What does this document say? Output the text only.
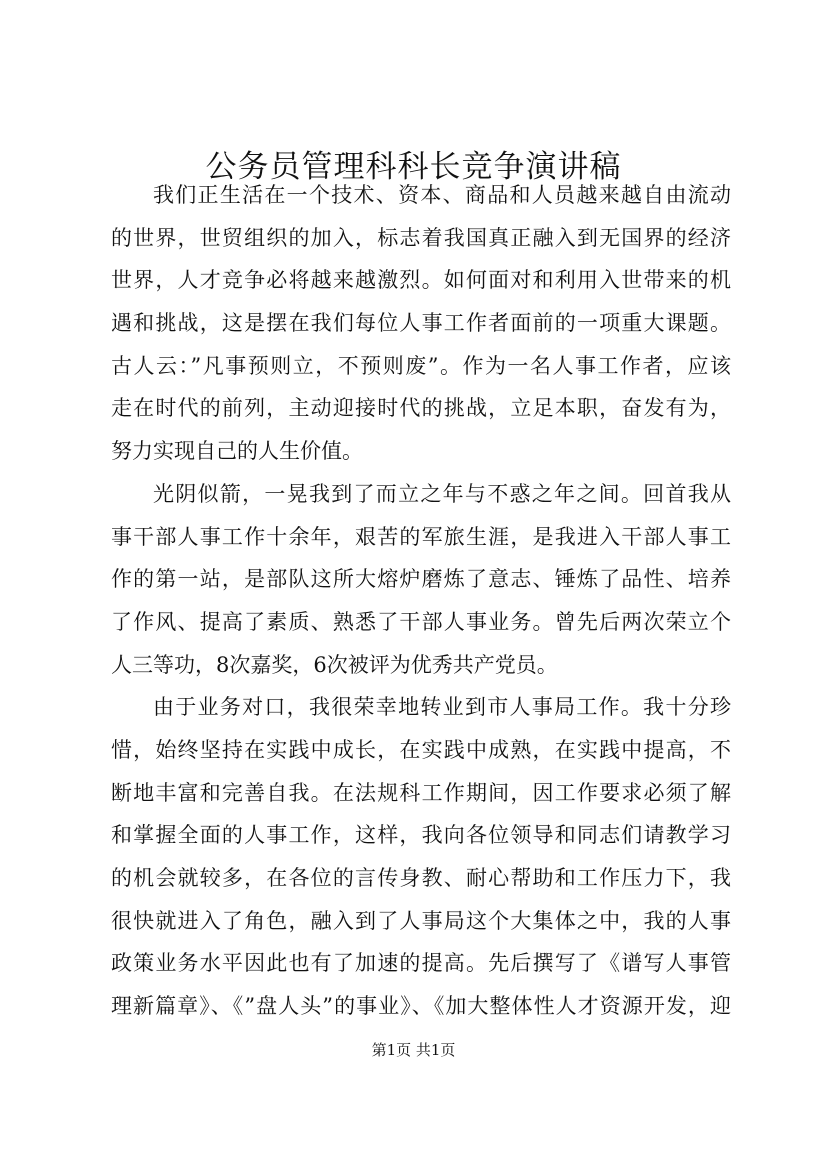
公务员管理科科长竞争演讲稿
我们正生活在一个技术、资本、商品和人员越来越自由流动
的世界，世贸组织的加入，标志着我国真正融入到无国界的经济
世界，人才竞争必将越来越激烈。如何面对和利用入世带来的机
遇和挑战，这是摆在我们每位人事工作者面前的一项重大课题。
古人云：”凡事预则立，不预则废”。作为一名人事工作者，应该
走在时代的前列，主动迎接时代的挑战，立足本职，奋发有为，
努力实现自己的人生价值。
光阴似箭，一晃我到了而立之年与不惑之年之间。回首我从
事干部人事工作十余年，艰苦的军旅生涯，是我进入干部人事工
作的第一站，是部队这所大熔炉磨炼了意志、锤炼了品性、培养
了作风、提高了素质、熟悉了干部人事业务。曾先后两次荣立个
人三等功，8次嘉奖，6次被评为优秀共产党员。
由于业务对口，我很荣幸地转业到市人事局工作。我十分珍
惜，始终坚持在实践中成长，在实践中成熟，在实践中提高，不
断地丰富和完善自我。在法规科工作期间，因工作要求必须了解
和掌握全面的人事工作，这样，我向各位领导和同志们请教学习
的机会就较多，在各位的言传身教、耐心帮助和工作压力下，我
很快就进入了角色，融入到了人事局这个大集体之中，我的人事
政策业务水平因此也有了加速的提高。先后撰写了《谱写人事管
理新篇章》、《”盘人头”的事业》、《加大整体性人才资源开发，迎
第1页 共1页
